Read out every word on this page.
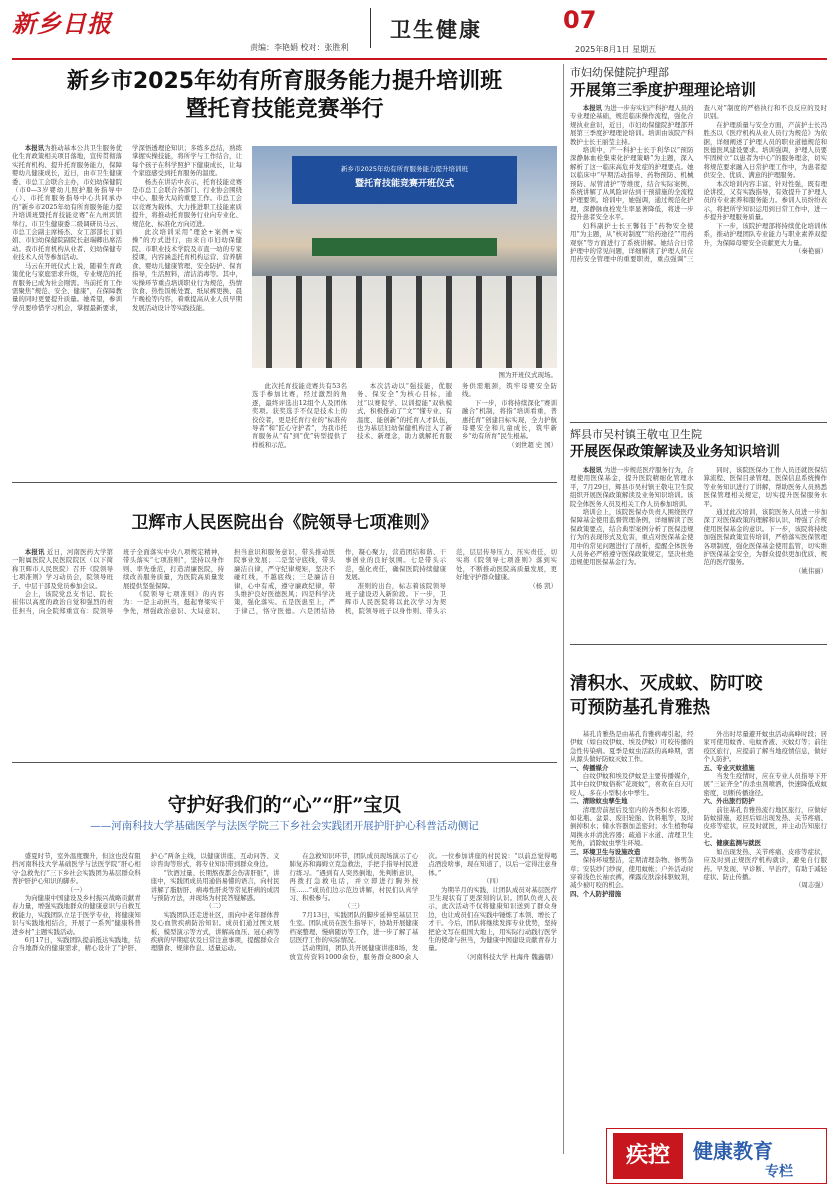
新乡日报
责编：李艳娟 校对：张胜利
卫生健康	07
2025年8月1日 星期五
新乡市2025年幼有所育服务能力提升培训班
暨托育技能竞赛举行

本报讯为推动基本公共卫生服务优化生育政策相关项目落地，宣传贯彻落实托育机构、提升托育服务能力，保障婴幼儿健康成长，近日，由市卫生健康委、市总工会联合主办，市妇幼保健院（市0—3岁婴幼儿照护服务指导中心）、市托育服务指导中心共同承办的“新乡市2025年幼有所育服务能力提升培训班暨托育技能竞赛”在九州宾馆举行。市卫生健康委二级调研员马云、市总工会副主席杨杰、女工部部长丁娟娟、市妇幼保健院副院长赵瑞卿出席活动。我市托育机构从业者、妇幼保健专业技术人员等参加活动。

马云在开班仪式上说，随着生育政策优化与家庭需求升级，专业规范的托育服务已成为社会刚需。当前托育工作需聚焦“规范、安全、健康”，在保障教量的同时更要提升质量。她希望，参训学员要珍惜学习机会，掌握最新要求，学深悟透理论知识；多练多总结，熟练掌握实操技能，将所学与工作结合，让每个孩子在科学照护下健康成长，让每个家庭感受到托育服务的温度。

杨杰在讲话中表示，托育技能竞赛是市总工会联合各部门、行业协会围绕中心、服务大局的重要工作。市总工会以竞赛为载体，大力推进职工技能素质提升，将推动托育服务行业向专业化、规范化、标准化方向迈进。

此次培训采用“理论+案例+实操”的方式进行，由来自市妇幼保健院、市职业技术学院及市直一幼的专家授课，内容涵盖托育机构运营、营养膳食、婴幼儿健康管理、安全防护、保育指导，生活照料，清洁消毒等。其中，实操环节重点培训职业行为规范，热情饮食、热性饭帐处置、纸尿裤更换、晨午晚检等内容，着重提高从业人员早期发展活动设计等实践技能。

新乡市2025年幼有所育服务能力提升培训班
暨托育技能竞赛开班仪式
图为开班仪式现场。

此次托育技能竞赛共有53名选手参加比赛，经过激烈的角逐，最终评选出12组个人及团体奖项。获奖选手不仅是技术上的佼佼者，更是托育行业的“标准传导者”和“匠心守护者”，为我市托育服务从“有”到“优”转型提供了样板和示范。

本次活动以“强技能，优服务、保安全”为核心目标，通过“以赛促学、以训提能”双轨模式，积极推动了“文”“懂专业、有温度、能创新”的托育人才队伍，也为基层妇幼保健机构注入了新技术、新理念，助力就解托育服务供需瓶颈，筑牢母婴安全防线。

下一步，市将持续深化“赛训融合”机制，将指“培训看重，普惠托育”创建目标实现，全力护航母婴安全和儿童成长，筑牢新乡“幼有所育”民生根基。

（刘世超 史 国）
市妇幼保健院护理部
开展第三季度护理理论培训

本报讯 为进一步夯实妇产科护理人员的专业理论基础，规范临床操作流程，强化合规执业意识，近日，市妇幼保健院护理部开展第三季度护理理论培训。培训由该院产科教护士长王丽莹主持。

培训中，产一科护士长于利华以“预防深静脉血栓集束化护理策略”为主题，深入解析了这一临床高危并发症的护理要点。她以临床中“早期活动指导、药物预防、机械预防、尿管清护”等维度，结合实际案例，系统讲解了从风险评估到干预措施的全流程护理要领。培训中，她强调，通过规范化护理，深静脉血栓发生率显著降低，将进一步提升患者安全水平。

妇科副护士长王馨钰于“药物安全使用”为主题，从“核对制度”“给药途径”“用药观察”等方面进行了系统讲解。她结合日常护理中的常见问题，详细解读了护理人员在用药安全管理中的重要职责，重点强调“三查八对”制度的严格执行和不良反应的及时识别。

在护理质量与安全方面，产前护士长冯胜杰以《医疗机构从业人员行为规范》为依据，详细阐述了护理人员的职业道德规范和医德医风建设要求。培训强调，护理人员要牢固树立“以患者为中心”的服务理念，切实将规范要求融入日常护理工作中，为患者提供安全、优质、满意的护理服务。

本次培训内容丰富、针对性强，既有理论讲授，又有实践指导，有效提升了护理人员的专业素养和服务能力。参训人员纷纷表示，将把所学知识运用到日常工作中，进一步提升护理服务质量。

下一步，该院护理部将持续优化培训体系，推动护理团队专业能力与职业素养双提升，为保障母婴安全贡献更大力量。

（秦艳丽）
辉县市吴村镇王敬屯卫生院
开展医保政策解读及业务知识培训

本报讯 为进一步规范医疗服务行为，合理使用医保基金，提升医院精细化管理水平，7月29日，辉县市吴村镇王敬屯卫生院组织开展医保政策解读及业务知识培训。该院全体医务人员及相关工作人员参加培训。

培训会上，该院医保办负责人围绕医疗保障基金使用监督管理条例，详细解读了医保政策要点，结合典型案例分析了医保违规行为的表现形式及危害，重点对医保基金使用中的常见问题进行了剖析，提醒全体医务人员务必严格遵守医保政策规定，坚决杜绝违规使用医保基金行为。

同时，该院医保办工作人员还就医保结算流程、医保目录管理、医保信息系统操作等业务知识进行了讲解，帮助医务人员熟悉医保管理相关规定，切实提升医保服务水平。

通过此次培训，该院医务人员进一步加深了对医保政策的理解和认识，增强了合规使用医保基金的意识。下一步，该院将持续加强医保政策宣传培训，严格落实医保管理各项制度，强化医保基金使用监管，切实维护医保基金安全，为群众提供更加优质、规范的医疗服务。

（姚伟丽）
卫辉市人民医院出台《院领导七项准则》

本报讯 近日，河南医药大学第一附属医院人民医院院区（以下简称卫辉市人民医院）召开《院领导七项准则》学习动员会，院领导班子、中层干部及党员参加会议。

会上，该院党总支书记、院长崔伟以高度的政治自觉和强烈的责任担当，向全院郑重宣布：院领导班子全面落实中央八项规定精神，带头落实“七项准则”，坚持以身作则、率先垂范，打造清廉医院，持续改善服务质量，为医院高质量发展提供坚强保障。

《院领导七项准则》的内容为：一是主动担当，挺起脊梁实干争先，增强政治意识、大局意识、担当意识和服务意识，带头推动医院事业发展；二是坚守底线，带头廉洁自律，严守纪律规矩，坚决不碰红线，不越底线；三是廉洁自律，心中有戒，遵守廉政纪律，带头维护良好医德医风；四是科学决策，强化落实。五是医患至上，严于律己，恪守医德。六是团结协作，凝心聚力，营造团结和谐、干事创业的良好氛围。七是带头示范，强化责任，确保医院持续健康发展。

准则的出台，标志着该院领导班子建设迈入新阶段。下一步，卫辉市人民医院将以此次学习为契机，院领导班子以身作则、带头示范，层层传导压力、压实责任，切实将《院领导七项准则》落到实处，不断推动医院高质量发展，更好地守护群众健康。

（杨 凯）
守护好我们的“心”“肝”宝贝
——河南科技大学基础医学与法医学院三下乡社会实践团开展护肝护心科普活动侧记

盛夏时节，室外温度骤升，但这也没有阻挡河南科技大学基础医学与法医学院“肝心相守·急救先行”三下乡社会实践团为基层群众科普护肝护心知识的脚步。

（一）

为向健康中国建设及乡村振兴战略贡献青春力量，增强实践地群众的健康意识与自救互救能力，实践团队立足于医学专业，将健康知识与实践地相结合，开展了一系列“健康科普进乡村”主题实践活动。

6月17日，实践团队提前抵达实践地，结合当地群众的健康需求，精心设计了“护肝、护心”两条主线，以健康讲座、互动问答、义诊咨询等形式，将专业知识带到群众身边。

“饮酒过量、长期熬夜都会伤害肝脏”，讲座中，实践团成员用通俗易懂的语言，向村民讲解了脂肪肝、病毒性肝炎等常见肝病的成因与预防方法，并现场为村民答疑解惑。

（二）

实践团队还走进社区，面向中老年群体普及心血管疾病防治知识。成员们通过图文展板、模型演示等方式，讲解高血压、冠心病等疾病的早期症状及日常注意事项，提醒群众合理膳食、规律作息、适量运动。

在急救知识环节，团队成员现场演示了心肺复苏和海姆立克急救法，手把手指导村民进行练习。“遇到有人突然倒地，先判断意识，再拨打急救电话，并立即进行胸外按压……”成员们边示范边讲解，村民们认真学习、积极参与。

（三）

7月13日，实践团队的脚步延伸至基层卫生室。团队成员在医生指导下，协助开展健康档案整理、慢病随访等工作，进一步了解了基层医疗工作的实际情况。

活动期间，团队共开展健康讲座8场，发放宣传资料1000余份，服务群众800余人次。一位参加讲座的村民说：“以前总觉得喝点酒没啥事，现在知道了，以后一定得注意身体。”

（四）

为期半月的实践，让团队成员对基层医疗卫生现状有了更深刻的认识。团队负责人表示，此次活动不仅将健康知识送到了群众身边，也让成员们在实践中锤炼了本领、增长了才干。今后，团队将继续发挥专业优势，坚持把论文写在祖国大地上，用实际行动践行医学生的使命与担当，为健康中国建设贡献青春力量。

（河南科技大学 杜海舟 魏鑫朝）
清积水、灭成蚊、防叮咬
可预防基孔肯雅热

基孔肯雅热是由基孔肯雅病毒引起，经伊蚊（如白纹伊蚊、埃及伊蚊）叮咬传播的急性传染病。夏季是蚊虫活跃的高峰期，需从源头做好防蚊灭蚊工作。

一、传播媒介

白纹伊蚊和埃及伊蚊是主要传播媒介，其中白纹伊蚊俗称“花斑蚊”，喜欢在白天叮咬人，多在小型积水中孳生。

二、清除蚊虫孳生地

清理房前屋后及室内的各类积水容器，如花瓶、盆景、废旧轮胎、饮料瓶等，及时倒掉积水；储水容器加盖密封；水生植物每周换水并清洗容器；疏通下水道、清理卫生死角，消除蚊虫孳生环境。

三、环境卫生与设施改造

保持环境整洁，定期清理杂物、修剪杂草；安装纱门纱窗，使用蚊帐；户外活动时穿着浅色长袖衣裤，裸露皮肤涂抹驱蚊剂，减少被叮咬的机会。

四、个人防护措施

外出时尽量避开蚊虫活动高峰时段；居家可使用蚊香、电蚊香液、灭蚊灯等；前往疫区旅行，应提前了解当地疫情信息，做好个人防护。

五、专业灭蚊措施

当发生疫情时，应在专业人员指导下开展“三证齐全”的杀虫剂喷洒，快速降低成蚊密度，切断传播途径。

六、外出旅行防护

前往基孔肯雅热流行地区旅行，应做好防蚊措施，返回后如出现发热、关节疼痛、皮疹等症状，应及时就医，并主动告知旅行史。

七、健康监测与就医

如出现发热、关节疼痛、皮疹等症状，应及时到正规医疗机构就诊，避免自行服药。早发现、早诊断、早治疗，有助于减轻症状、防止传播。

（周志强）
疾控	健康教育
专栏
